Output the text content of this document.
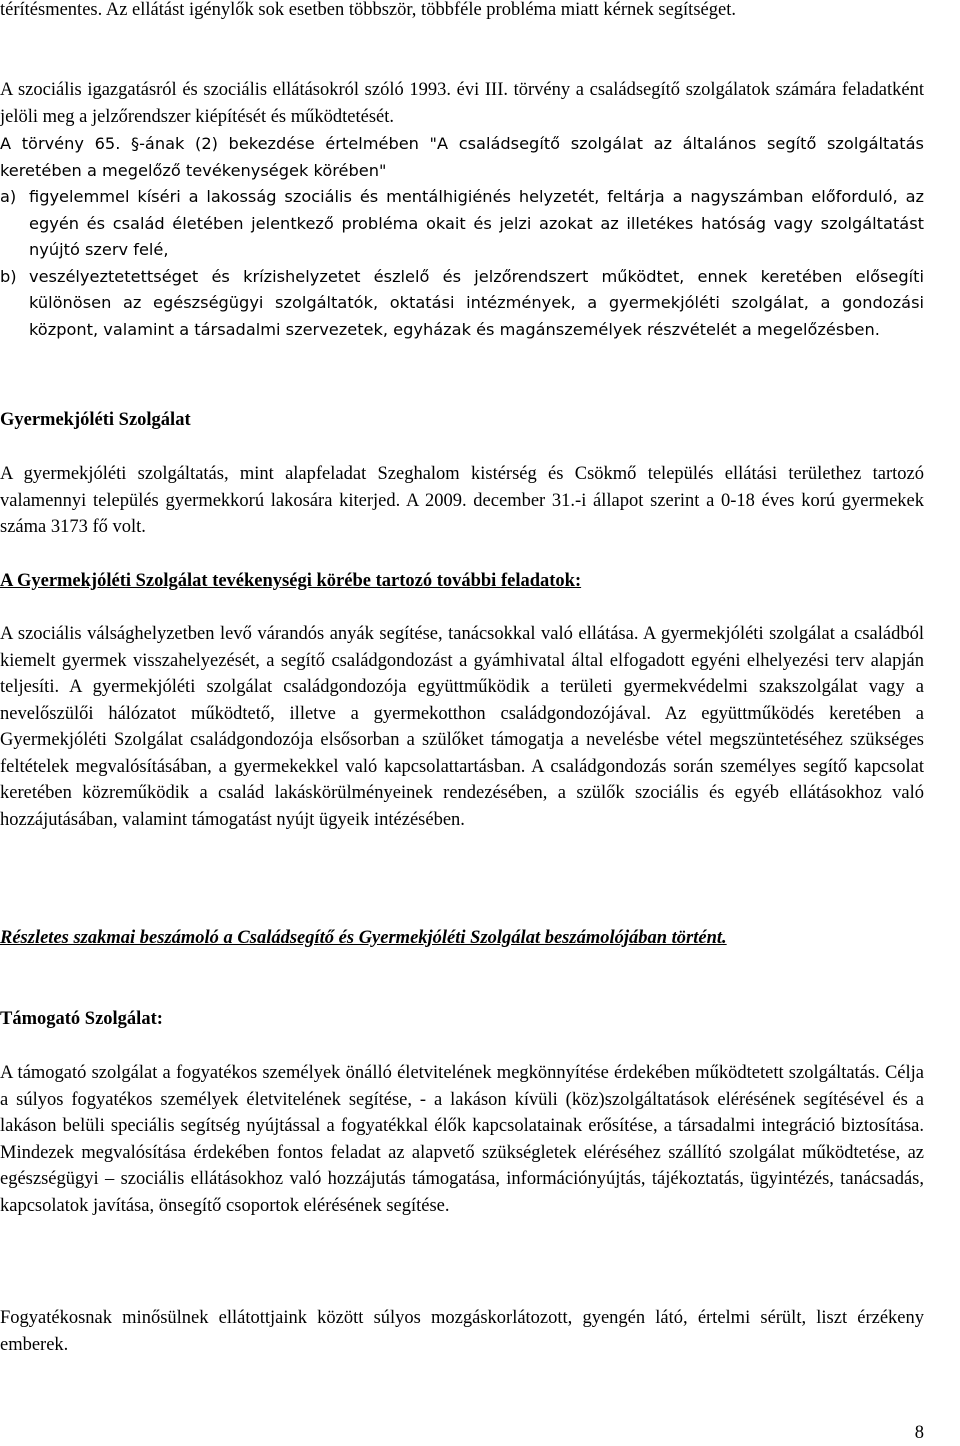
térítésmentes. Az ellátást igénylők sok esetben többször, többféle probléma miatt kérnek segítséget.

A szociális igazgatásról és szociális ellátásokról szóló 1993. évi III. törvény a családsegítő szolgálatok számára feladatként jelöli meg a jelzőrendszer kiépítését és működtetését.

A törvény 65. §-ának (2) bekezdése értelmében "A családsegítő szolgálat az általános segítő szolgáltatás keretében a megelőző tevékenységek körében"

a) figyelemmel kíséri a lakosság szociális és mentálhigiénés helyzetét, feltárja a nagyszámban előforduló, az egyén és család életében jelentkező probléma okait és jelzi azokat az illetékes hatóság vagy szolgáltatást nyújtó szerv felé,
b) veszélyeztetettséget és krízishelyzetet észlelő és jelzőrendszert működtet, ennek keretében elősegíti különösen az egészségügyi szolgáltatók, oktatási intézmények, a gyermekjóléti szolgálat, a gondozási központ, valamint a társadalmi szervezetek, egyházak és magánszemélyek részvételét a megelőzésben.
Gyermekjóléti Szolgálat

A gyermekjóléti szolgáltatás, mint alapfeladat Szeghalom kistérség és Csökmő település ellátási területhez tartozó valamennyi település gyermekkorú lakosára kiterjed. A 2009. december 31.-i állapot szerint a 0-18 éves korú gyermekek száma 3173 fő volt.

A Gyermekjóléti Szolgálat tevékenységi körébe tartozó további feladatok:

A szociális válsághelyzetben levő várandós anyák segítése, tanácsokkal való ellátása. A gyermekjóléti szolgálat a családból kiemelt gyermek visszahelyezését, a segítő családgondozást a gyámhivatal által elfogadott egyéni elhelyezési terv alapján teljesíti. A gyermekjóléti szolgálat családgondozója együttműködik a területi gyermekvédelmi szakszolgálat vagy a nevelőszülői hálózatot működtető, illetve a gyermekotthon családgondozójával. Az együttműködés keretében a Gyermekjóléti Szolgálat családgondozója elsősorban a szülőket támogatja a nevelésbe vétel megszüntetéséhez szükséges feltételek megvalósításában, a gyermekekkel való kapcsolattartásban. A családgondozás során személyes segítő kapcsolat keretében közreműködik a család lakáskörülményeinek rendezésében, a szülők szociális és egyéb ellátásokhoz való hozzájutásában, valamint támogatást nyújt ügyeik intézésében.

Részletes szakmai beszámoló a Családsegítő és Gyermekjóléti Szolgálat beszámolójában történt.

Támogató Szolgálat:

A támogató szolgálat a fogyatékos személyek önálló életvitelének megkönnyítése érdekében működtetett szolgáltatás. Célja a súlyos fogyatékos személyek életvitelének segítése, - a lakáson kívüli (köz)szolgáltatások elérésének segítésével és a lakáson belüli speciális segítség nyújtással a fogyatékkal élők kapcsolatainak erősítése, a társadalmi integráció biztosítása. Mindezek megvalósítása érdekében fontos feladat az alapvető szükségletek eléréséhez szállító szolgálat működtetése, az egészségügyi – szociális ellátásokhoz való hozzájutás támogatása, információnyújtás, tájékoztatás, ügyintézés, tanácsadás, kapcsolatok javítása, önsegítő csoportok elérésének segítése.

Fogyatékosnak minősülnek ellátottjaink között súlyos mozgáskorlátozott, gyengén látó, értelmi sérült, liszt érzékeny emberek.

8
